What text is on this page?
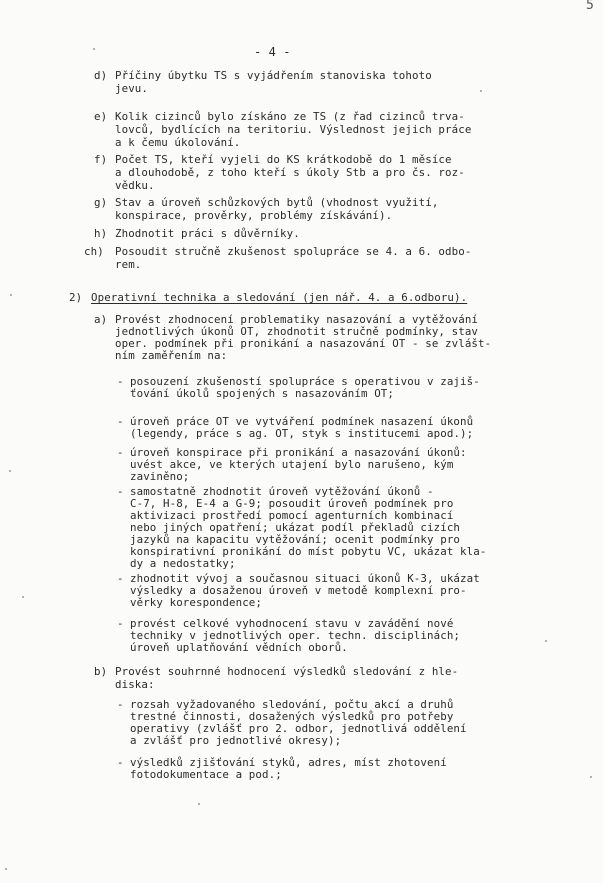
5
- 4 -
d) Příčiny úbytku TS s vyjádřením stanoviska tohoto
jevu.
e) Kolik cizinců bylo získáno ze TS (z řad cizinců trva-
lovců, bydlících na teritoriu. Výslednost jejich práce
a k čemu úkolování.
f) Počet TS, kteří vyjeli do KS krátkodobě do 1 měsíce
a dlouhodobě, z toho kteří s úkoly Stb a pro čs. roz-
vědku.
g) Stav a úroveň schůzkových bytů (vhodnost využití,
konspirace, prověrky, problémy získávání).
h) Zhodnotit práci s důvěrníky.
ch) Posoudit stručně zkušenost spolupráce se 4. a 6. odbo-
rem.
2) Operativní technika a sledování (jen nář. 4. a 6.odboru).
a) Provést zhodnocení problematiky nasazování a vytěžování
jednotlivých úkonů OT, zhodnotit stručně podmínky, stav
oper. podmínek při pronikání a nasazování OT - se zvlášt-
ním zaměřením na:
- posouzení zkušeností spolupráce s operativou v zajiš-
ťování úkolů spojených s nasazováním OT;
- úroveň práce OT ve vytváření podmínek nasazení úkonů
(legendy, práce s ag. OT, styk s institucemi apod.);
- úroveň konspirace při pronikání a nasazování úkonů:
uvést akce, ve kterých utajení bylo narušeno, kým
zaviněno;
- samostatně zhodnotit úroveň vytěžování úkonů -
C-7, H-8, E-4 a G-9; posoudit úroveň podmínek pro
aktivizaci prostředí pomocí agenturních kombinací
nebo jiných opatření; ukázat podíl překladů cizích
jazyků na kapacitu vytěžování; ocenit podmínky pro
konspirativní pronikání do míst pobytu VC, ukázat kla-
dy a nedostatky;
- zhodnotit vývoj a současnou situaci úkonů K-3, ukázat
výsledky a dosaženou úroveň v metodě komplexní pro-
věrky korespondence;
- provést celkové vyhodnocení stavu v zavádění nové
techniky v jednotlivých oper. techn. disciplinách;
úroveň uplatňování vědních oborů.
b) Provést souhrnné hodnocení výsledků sledování z hle-
diska:
- rozsah vyžadovaného sledování, počtu akcí a druhů
trestné činnosti, dosažených výsledků pro potřeby
operativy (zvlášť pro 2. odbor, jednotlivá oddělení
a zvlášť pro jednotlivé okresy);
- výsledků zjišťování styků, adres, míst zhotovení
fotodokumentace a pod.;
